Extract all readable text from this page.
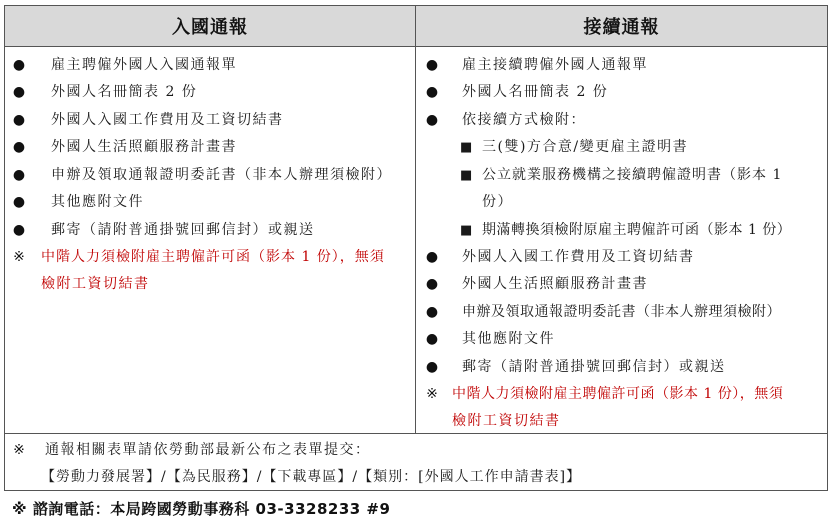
入國通報	接續通報
● 雇主聘僱外國人入國通報單
● 外國人名冊簡表 2 份
● 外國人入國工作費用及工資切結書
● 外國人生活照顧服務計畫書
● 申辦及領取通報證明委託書（非本人辦理須檢附）
● 其他應附文件
● 郵寄（請附普通掛號回郵信封）或親送
※ 中階人力須檢附雇主聘僱許可函（影本 1 份），無須
檢附工資切結書
● 雇主接續聘僱外國人通報單
● 外國人名冊簡表 2 份
● 依接續方式檢附：
■ 三(雙)方合意/變更雇主證明書
■ 公立就業服務機構之接續聘僱證明書（影本 1
份）
■ 期滿轉換須檢附原雇主聘僱許可函（影本 1 份）
● 外國人入國工作費用及工資切結書
● 外國人生活照顧服務計畫書
● 申辦及領取通報證明委託書（非本人辦理須檢附）
● 其他應附文件
● 郵寄（請附普通掛號回郵信封）或親送
※ 中階人力須檢附雇主聘僱許可函（影本 1 份），無須
檢附工資切結書
※ 通報相關表單請依勞動部最新公布之表單提交：
【勞動力發展署】/【為民服務】/【下載專區】/【類別：[外國人工作申請書表]】
※ 諮詢電話：本局跨國勞動事務科 03-3328233 #9
